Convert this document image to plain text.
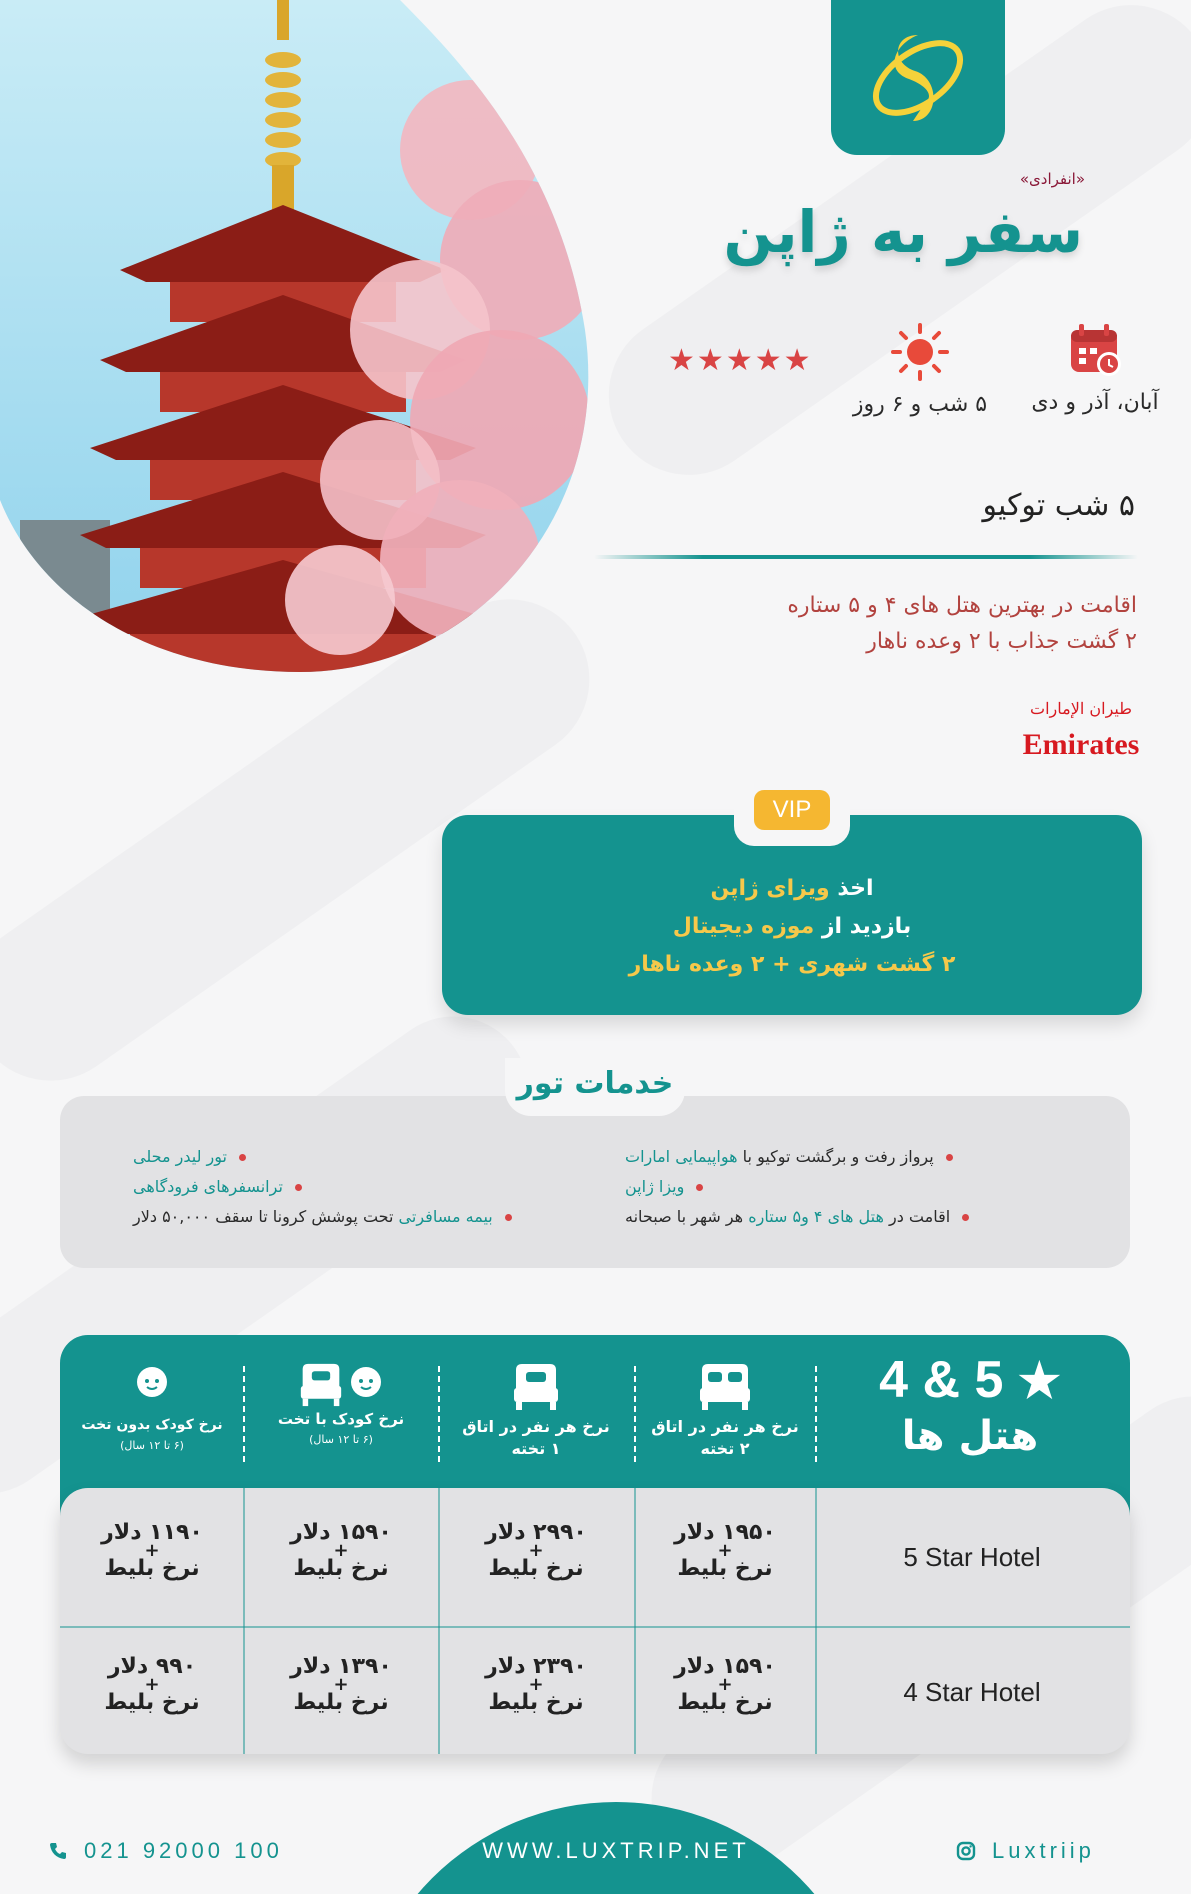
«انفرادی»
سفر به ژاپن
آبان، آذر و دی
۵ شب و ۶ روز
★ ★ ★ ★ ★
۵ شب توکیو
اقامت در بهترین هتل های ۴ و ۵ ستاره
۲ گشت جذاب با ۲ وعده ناهار
طيران الإمارات
Emirates
VIP
اخذ ویزای ژاپن
بازدید از موزه دیجیتال
۲ گشت شهری + ۲ وعده ناهار
خدمات تور
پرواز رفت و برگشت توکیو با هواپیمایی امارات
ویزا ژاپن
اقامت در هتل های ۴ و۵ ستاره هر شهر با صبحانه
تور لیدر محلی
ترانسفرهای فرودگاهی
بیمه مسافرتی تحت پوشش کرونا تا سقف ۵۰,۰۰۰ دلار
4 & 5 ★
هتل ها
نرخ هر نفر در اتاق
۲ تخته
نرخ هر نفر در اتاق
۱ تخته
نرخ کودک با تخت
(۶ تا ۱۲ سال)
نرخ کودک بدون تخت
(۶ تا ۱۲ سال)
5 Star Hotel
۱۹۵۰ دلار
+
نرخ بلیط
۲۹۹۰ دلار
+
نرخ بلیط
۱۵۹۰ دلار
+
نرخ بلیط
۱۱۹۰ دلار
+
نرخ بلیط
4 Star Hotel
۱۵۹۰ دلار
+
نرخ بلیط
۲۳۹۰ دلار
+
نرخ بلیط
۱۳۹۰ دلار
+
نرخ بلیط
۹۹۰ دلار
+
نرخ بلیط
WWW.LUXTRIP.NET
021 92000 100	Luxtriip
